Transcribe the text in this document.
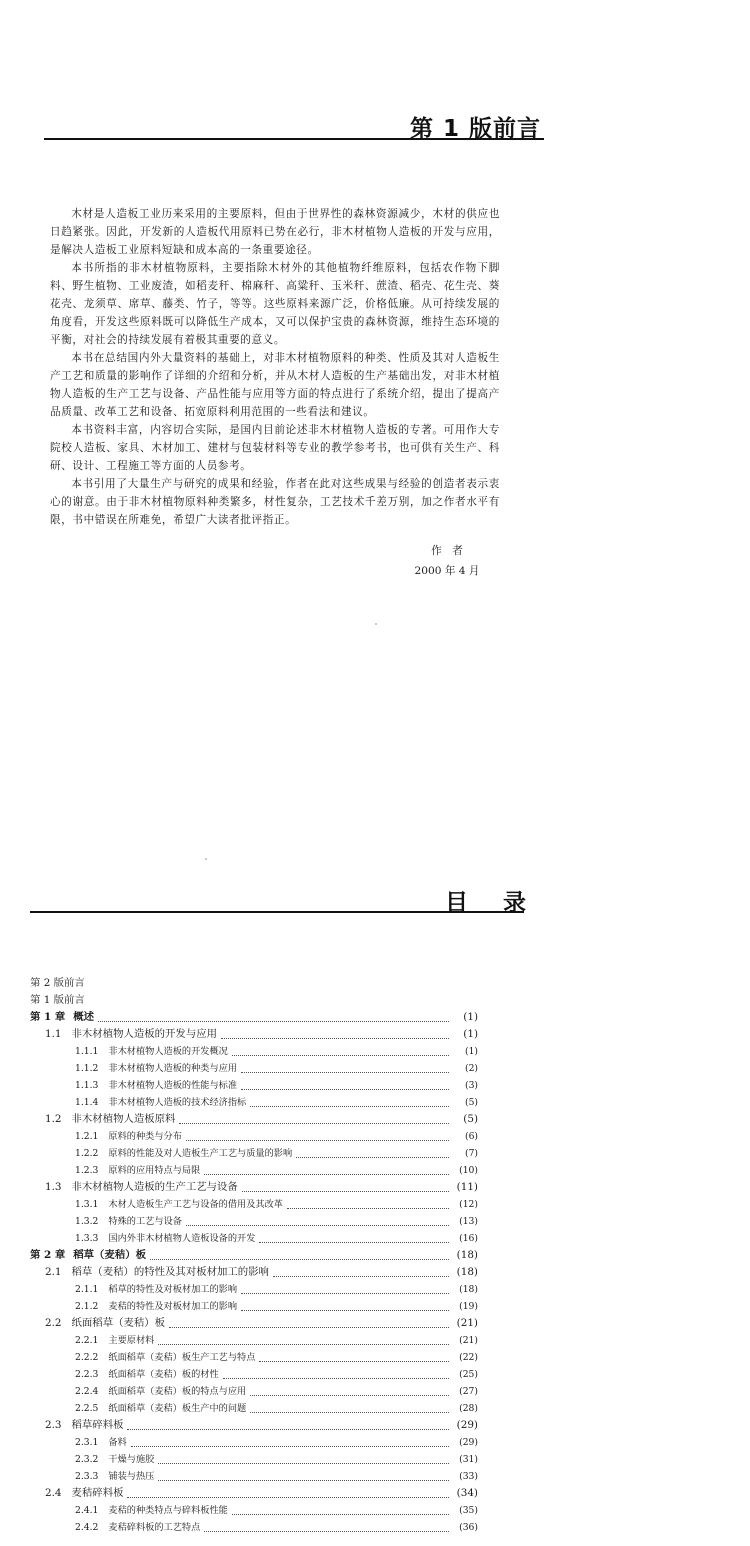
第 1 版前言

木材是人造板工业历来采用的主要原料，但由于世界性的森林资源减少，木材的供应也日趋紧张。因此，开发新的人造板代用原料已势在必行，非木材植物人造板的开发与应用，是解决人造板工业原料短缺和成本高的一条重要途径。

本书所指的非木材植物原料，主要指除木材外的其他植物纤维原料，包括农作物下脚料、野生植物、工业废渣，如稻麦秆、棉麻秆、高粱秆、玉米秆、蔗渣、稻壳、花生壳、葵花壳、龙须草、席草、藤类、竹子，等等。这些原料来源广泛，价格低廉。从可持续发展的角度看，开发这些原料既可以降低生产成本，又可以保护宝贵的森林资源，维持生态环境的平衡，对社会的持续发展有着极其重要的意义。

本书在总结国内外大量资料的基础上，对非木材植物原料的种类、性质及其对人造板生产工艺和质量的影响作了详细的介绍和分析，并从木材人造板的生产基础出发，对非木材植物人造板的生产工艺与设备、产品性能与应用等方面的特点进行了系统介绍，提出了提高产品质量、改革工艺和设备、拓宽原料利用范围的一些看法和建议。

本书资料丰富，内容切合实际，是国内目前论述非木材植物人造板的专著。可用作大专院校人造板、家具、木材加工、建材与包装材料等专业的教学参考书，也可供有关生产、科研、设计、工程施工等方面的人员参考。

本书引用了大量生产与研究的成果和经验，作者在此对这些成果与经验的创造者表示衷心的谢意。由于非木材植物原料种类繁多，材性复杂，工艺技术千差万别，加之作者水平有限，书中错误在所难免，希望广大读者批评指正。

作　者
2000 年 4 月
目　录
第 2 版前言
第 1 版前言
第 1 章 概述	(1)
1.1 非木材植物人造板的开发与应用	(1)
1.1.1 非木材植物人造板的开发概况	(1)
1.1.2 非木材植物人造板的种类与应用	(2)
1.1.3 非木材植物人造板的性能与标准	(3)
1.1.4 非木材植物人造板的技术经济指标	(5)
1.2 非木材植物人造板原料	(5)
1.2.1 原料的种类与分布	(6)
1.2.2 原料的性能及对人造板生产工艺与质量的影响	(7)
1.2.3 原料的应用特点与局限	(10)
1.3 非木材植物人造板的生产工艺与设备	(11)
1.3.1 木材人造板生产工艺与设备的借用及其改革	(12)
1.3.2 特殊的工艺与设备	(13)
1.3.3 国内外非木材植物人造板设备的开发	(16)
第 2 章 稻草（麦秸）板	(18)
2.1 稻草（麦秸）的特性及其对板材加工的影响	(18)
2.1.1 稻草的特性及对板材加工的影响	(18)
2.1.2 麦秸的特性及对板材加工的影响	(19)
2.2 纸面稻草（麦秸）板	(21)
2.2.1 主要原材料	(21)
2.2.2 纸面稻草（麦秸）板生产工艺与特点	(22)
2.2.3 纸面稻草（麦秸）板的材性	(25)
2.2.4 纸面稻草（麦秸）板的特点与应用	(27)
2.2.5 纸面稻草（麦秸）板生产中的问题	(28)
2.3 稻草碎料板	(29)
2.3.1 备料	(29)
2.3.2 干燥与施胶	(31)
2.3.3 铺装与热压	(33)
2.4 麦秸碎料板	(34)
2.4.1 麦秸的种类特点与碎料板性能	(35)
2.4.2 麦秸碎料板的工艺特点	(36)
